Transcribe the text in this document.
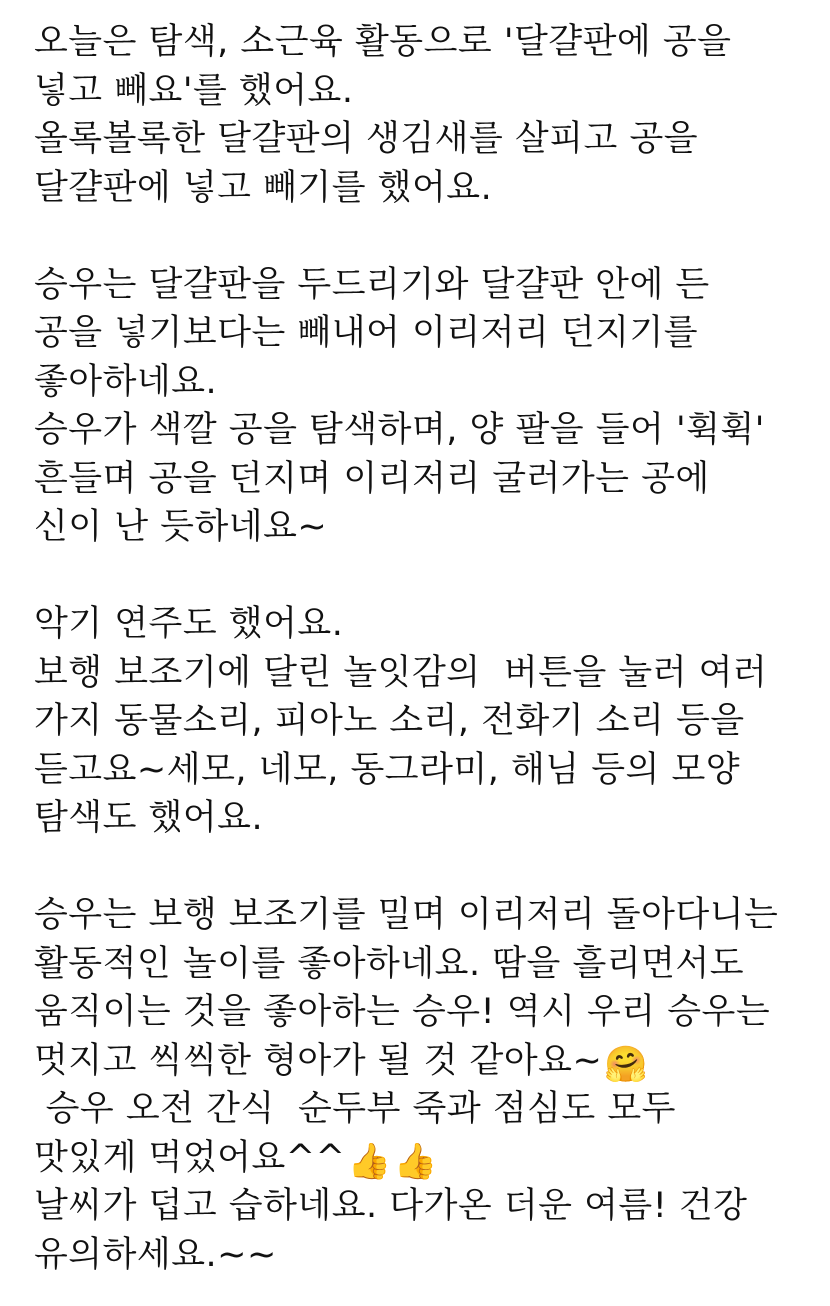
오늘은 탐색, 소근육 활동으로 '달걀판에 공을
넣고 빼요'를 했어요.
올록볼록한 달걀판의 생김새를 살피고 공을
달걀판에 넣고 빼기를 했어요.
승우는 달걀판을 두드리기와 달걀판 안에 든
공을 넣기보다는 빼내어 이리저리 던지기를
좋아하네요.
승우가 색깔 공을 탐색하며, 양 팔을 들어 '휙휙'
흔들며 공을 던지며 이리저리 굴러가는 공에
신이 난 듯하네요~
악기 연주도 했어요.
보행 보조기에 달린 놀잇감의  버튼을 눌러 여러
가지 동물소리, 피아노 소리, 전화기 소리 등을
듣고요~세모, 네모, 동그라미, 해님 등의 모양
탐색도 했어요.
승우는 보행 보조기를 밀며 이리저리 돌아다니는
활동적인 놀이를 좋아하네요. 땀을 흘리면서도
움직이는 것을 좋아하는 승우! 역시 우리 승우는
멋지고 씩씩한 형아가 될 것 같아요~🤗
승우 오전 간식  순두부 죽과 점심도 모두
맛있게 먹었어요^^👍👍
날씨가 덥고 습하네요. 다가온 더운 여름! 건강
유의하세요.~~
